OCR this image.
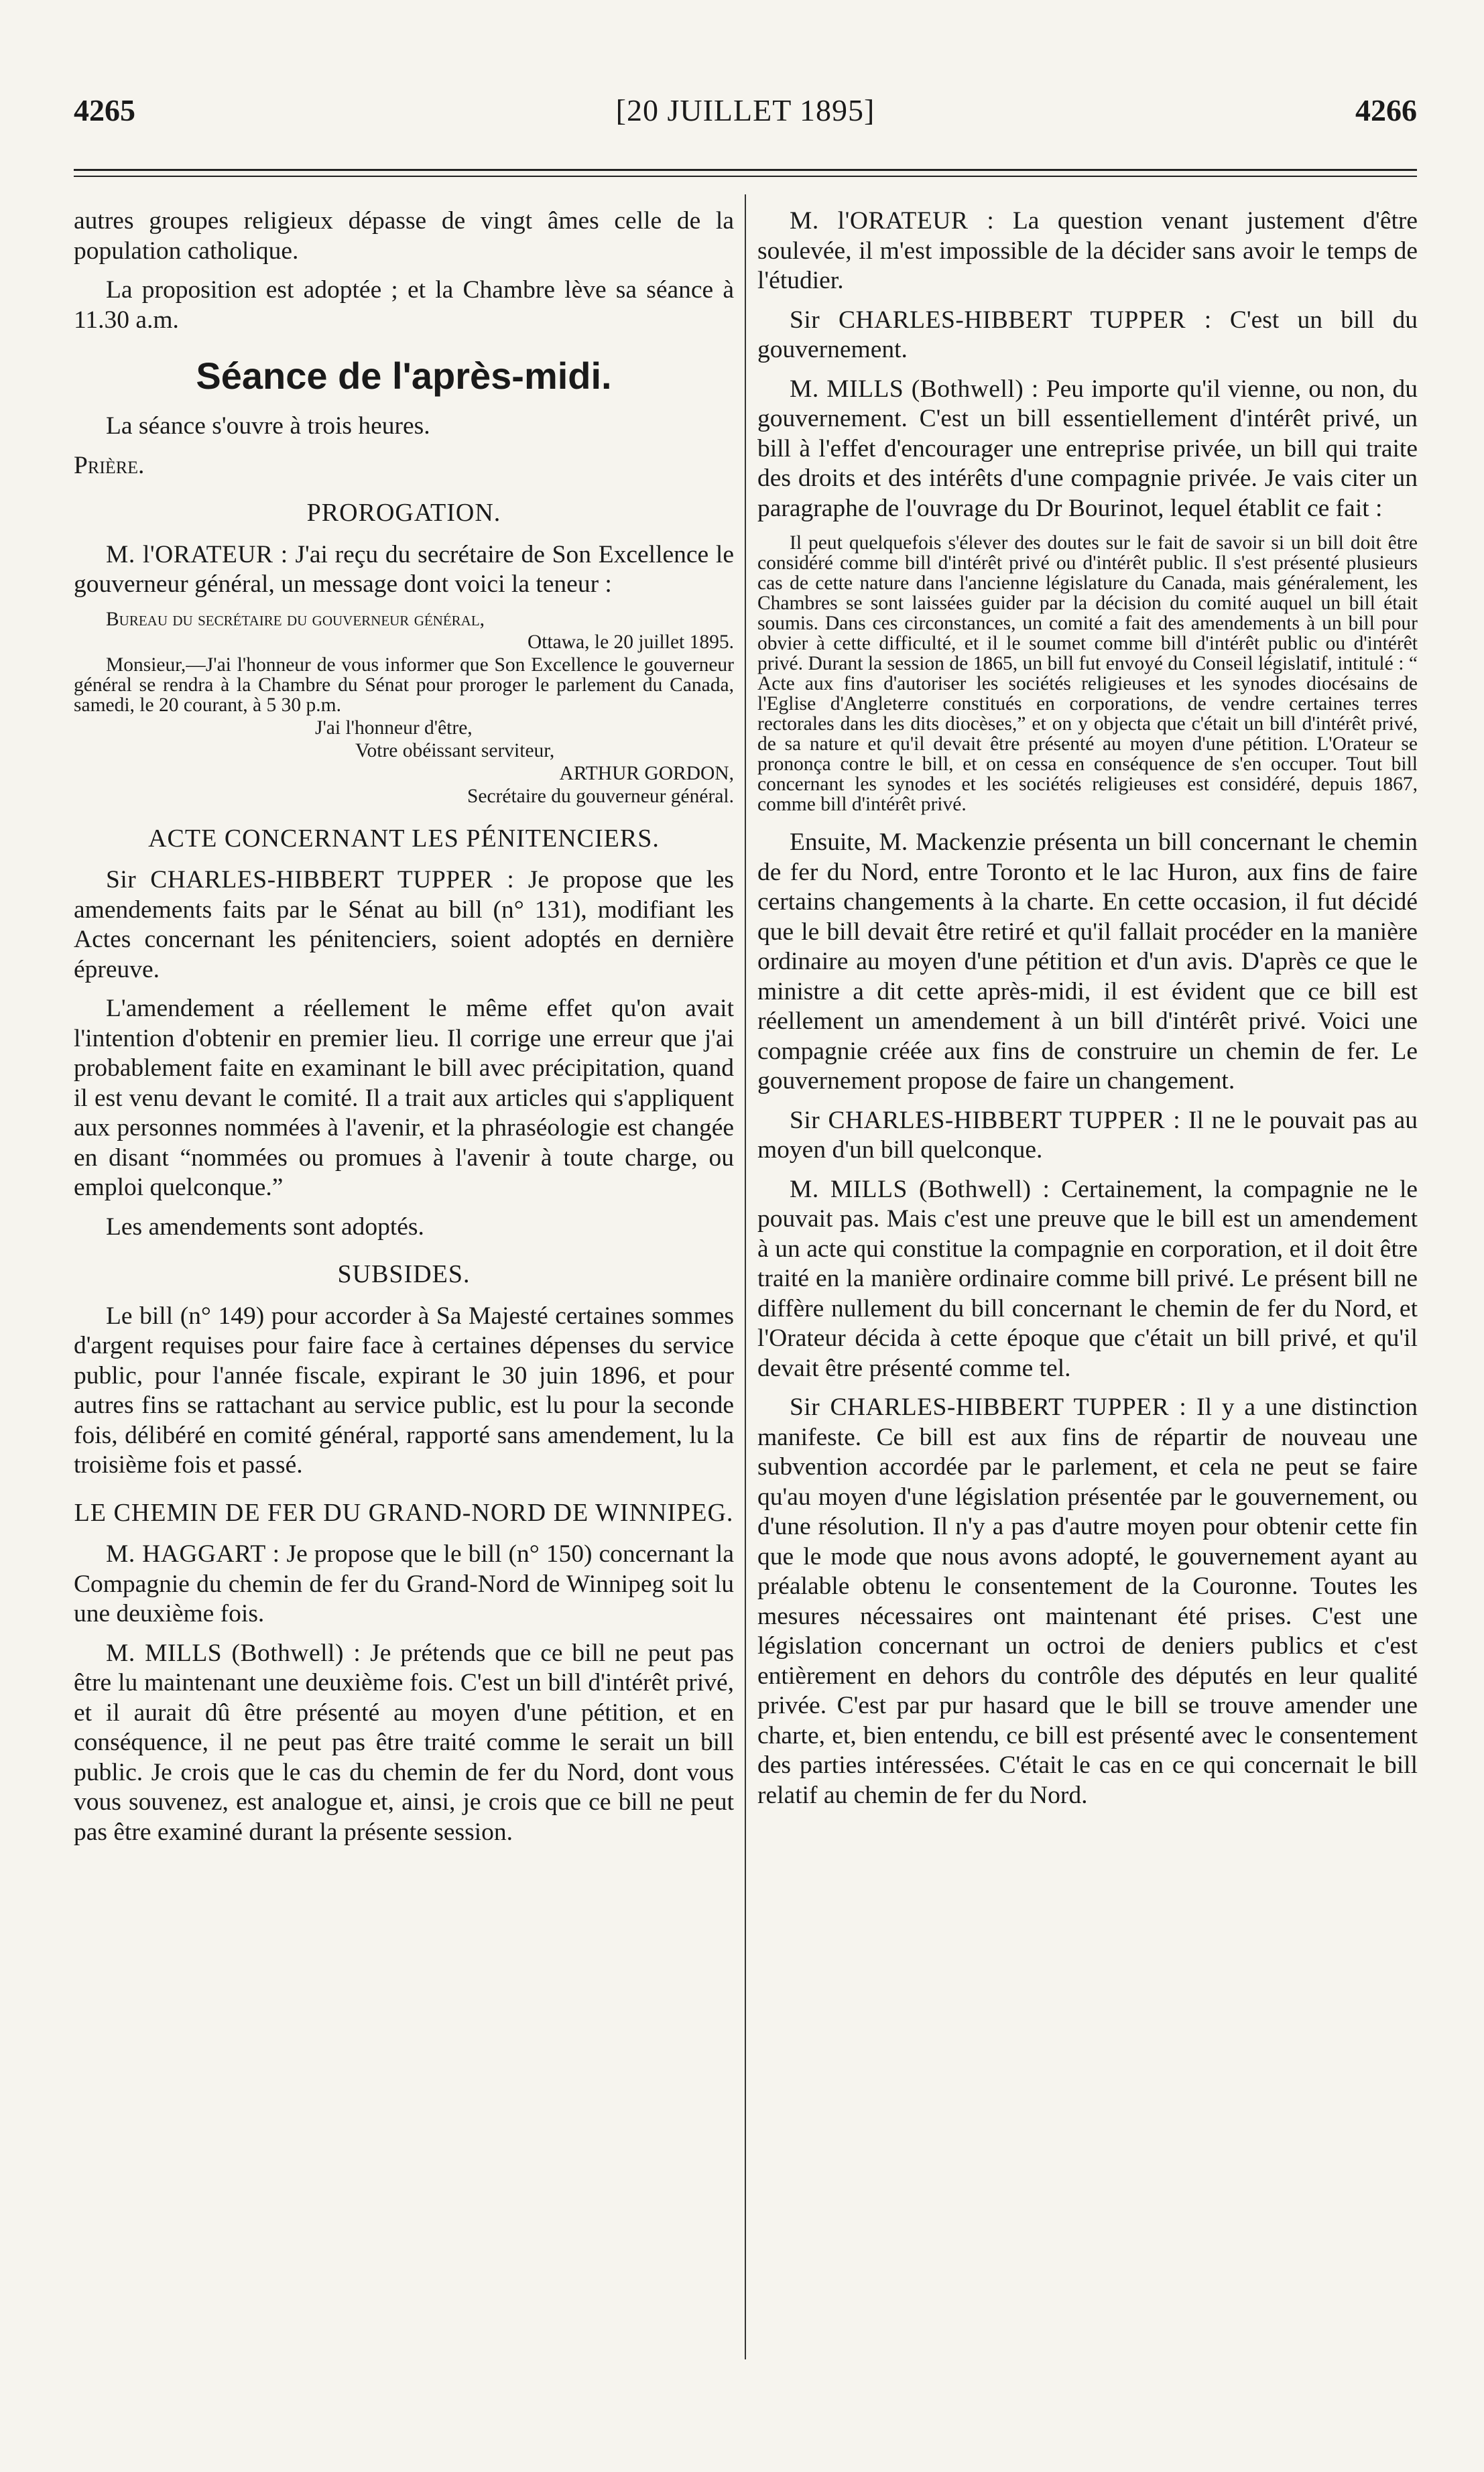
4265	[20 JUILLET 1895]	4266

autres groupes religieux dépasse de vingt âmes celle de la population catholique.

La proposition est adoptée ; et la Chambre lève sa séance à 11.30 a.m.

Séance de l'après-midi.

La séance s'ouvre à trois heures.

Prière.

PROROGATION.

M. l'ORATEUR : J'ai reçu du secrétaire de Son Excellence le gouverneur général, un message dont voici la teneur :

Bureau du secrétaire du gouverneur général,

Ottawa, le 20 juillet 1895.

Monsieur,—J'ai l'honneur de vous informer que Son Excellence le gouverneur général se rendra à la Chambre du Sénat pour proroger le parlement du Canada, samedi, le 20 courant, à 5 30 p.m.

J'ai l'honneur d'être,

Votre obéissant serviteur,

ARTHUR GORDON,

Secrétaire du gouverneur général.

ACTE CONCERNANT LES PÉNITENCIERS.

Sir CHARLES-HIBBERT TUPPER : Je propose que les amendements faits par le Sénat au bill (n° 131), modifiant les Actes concernant les pénitenciers, soient adoptés en dernière épreuve.

L'amendement a réellement le même effet qu'on avait l'intention d'obtenir en premier lieu. Il corrige une erreur que j'ai probablement faite en examinant le bill avec précipitation, quand il est venu devant le comité. Il a trait aux articles qui s'appliquent aux personnes nommées à l'avenir, et la phraséologie est changée en disant “nommées ou promues à l'avenir à toute charge, ou emploi quelconque.”

Les amendements sont adoptés.

SUBSIDES.

Le bill (n° 149) pour accorder à Sa Majesté certaines sommes d'argent requises pour faire face à certaines dépenses du service public, pour l'année fiscale, expirant le 30 juin 1896, et pour autres fins se rattachant au service public, est lu pour la seconde fois, délibéré en comité général, rapporté sans amendement, lu la troisième fois et passé.

LE CHEMIN DE FER DU GRAND-NORD DE WINNIPEG.

M. HAGGART : Je propose que le bill (n° 150) concernant la Compagnie du chemin de fer du Grand-Nord de Winnipeg soit lu une deuxième fois.

M. MILLS (Bothwell) : Je prétends que ce bill ne peut pas être lu maintenant une deuxième fois. C'est un bill d'intérêt privé, et il aurait dû être présenté au moyen d'une pétition, et en conséquence, il ne peut pas être traité comme le serait un bill public. Je crois que le cas du chemin de fer du Nord, dont vous vous souvenez, est analogue et, ainsi, je crois que ce bill ne peut pas être examiné durant la présente session.

M. l'ORATEUR : La question venant justement d'être soulevée, il m'est impossible de la décider sans avoir le temps de l'étudier.

Sir CHARLES-HIBBERT TUPPER : C'est un bill du gouvernement.

M. MILLS (Bothwell) : Peu importe qu'il vienne, ou non, du gouvernement. C'est un bill essentiellement d'intérêt privé, un bill à l'effet d'encourager une entreprise privée, un bill qui traite des droits et des intérêts d'une compagnie privée. Je vais citer un paragraphe de l'ouvrage du Dr Bourinot, lequel établit ce fait :

Il peut quelquefois s'élever des doutes sur le fait de savoir si un bill doit être considéré comme bill d'intérêt privé ou d'intérêt public. Il s'est présenté plusieurs cas de cette nature dans l'ancienne législature du Canada, mais généralement, les Chambres se sont laissées guider par la décision du comité auquel un bill était soumis. Dans ces circonstances, un comité a fait des amendements à un bill pour obvier à cette difficulté, et il le soumet comme bill d'intérêt public ou d'intérêt privé. Durant la session de 1865, un bill fut envoyé du Conseil législatif, intitulé : “ Acte aux fins d'autoriser les sociétés religieuses et les synodes diocésains de l'Eglise d'Angleterre constitués en corporations, de vendre certaines terres rectorales dans les dits diocèses,” et on y objecta que c'était un bill d'intérêt privé, de sa nature et qu'il devait être présenté au moyen d'une pétition. L'Orateur se prononça contre le bill, et on cessa en conséquence de s'en occuper. Tout bill concernant les synodes et les sociétés religieuses est considéré, depuis 1867, comme bill d'intérêt privé.

Ensuite, M. Mackenzie présenta un bill concernant le chemin de fer du Nord, entre Toronto et le lac Huron, aux fins de faire certains changements à la charte. En cette occasion, il fut décidé que le bill devait être retiré et qu'il fallait procéder en la manière ordinaire au moyen d'une pétition et d'un avis. D'après ce que le ministre a dit cette après-midi, il est évident que ce bill est réellement un amendement à un bill d'intérêt privé. Voici une compagnie créée aux fins de construire un chemin de fer. Le gouvernement propose de faire un changement.

Sir CHARLES-HIBBERT TUPPER : Il ne le pouvait pas au moyen d'un bill quelconque.

M. MILLS (Bothwell) : Certainement, la compagnie ne le pouvait pas. Mais c'est une preuve que le bill est un amendement à un acte qui constitue la compagnie en corporation, et il doit être traité en la manière ordinaire comme bill privé. Le présent bill ne diffère nullement du bill concernant le chemin de fer du Nord, et l'Orateur décida à cette époque que c'était un bill privé, et qu'il devait être présenté comme tel.

Sir CHARLES-HIBBERT TUPPER : Il y a une distinction manifeste. Ce bill est aux fins de répartir de nouveau une subvention accordée par le parlement, et cela ne peut se faire qu'au moyen d'une législation présentée par le gouvernement, ou d'une résolution. Il n'y a pas d'autre moyen pour obtenir cette fin que le mode que nous avons adopté, le gouvernement ayant au préalable obtenu le consentement de la Couronne. Toutes les mesures nécessaires ont maintenant été prises. C'est une législation concernant un octroi de deniers publics et c'est entièrement en dehors du contrôle des députés en leur qualité privée. C'est par pur hasard que le bill se trouve amender une charte, et, bien entendu, ce bill est présenté avec le consentement des parties intéressées. C'était le cas en ce qui concernait le bill relatif au chemin de fer du Nord.
